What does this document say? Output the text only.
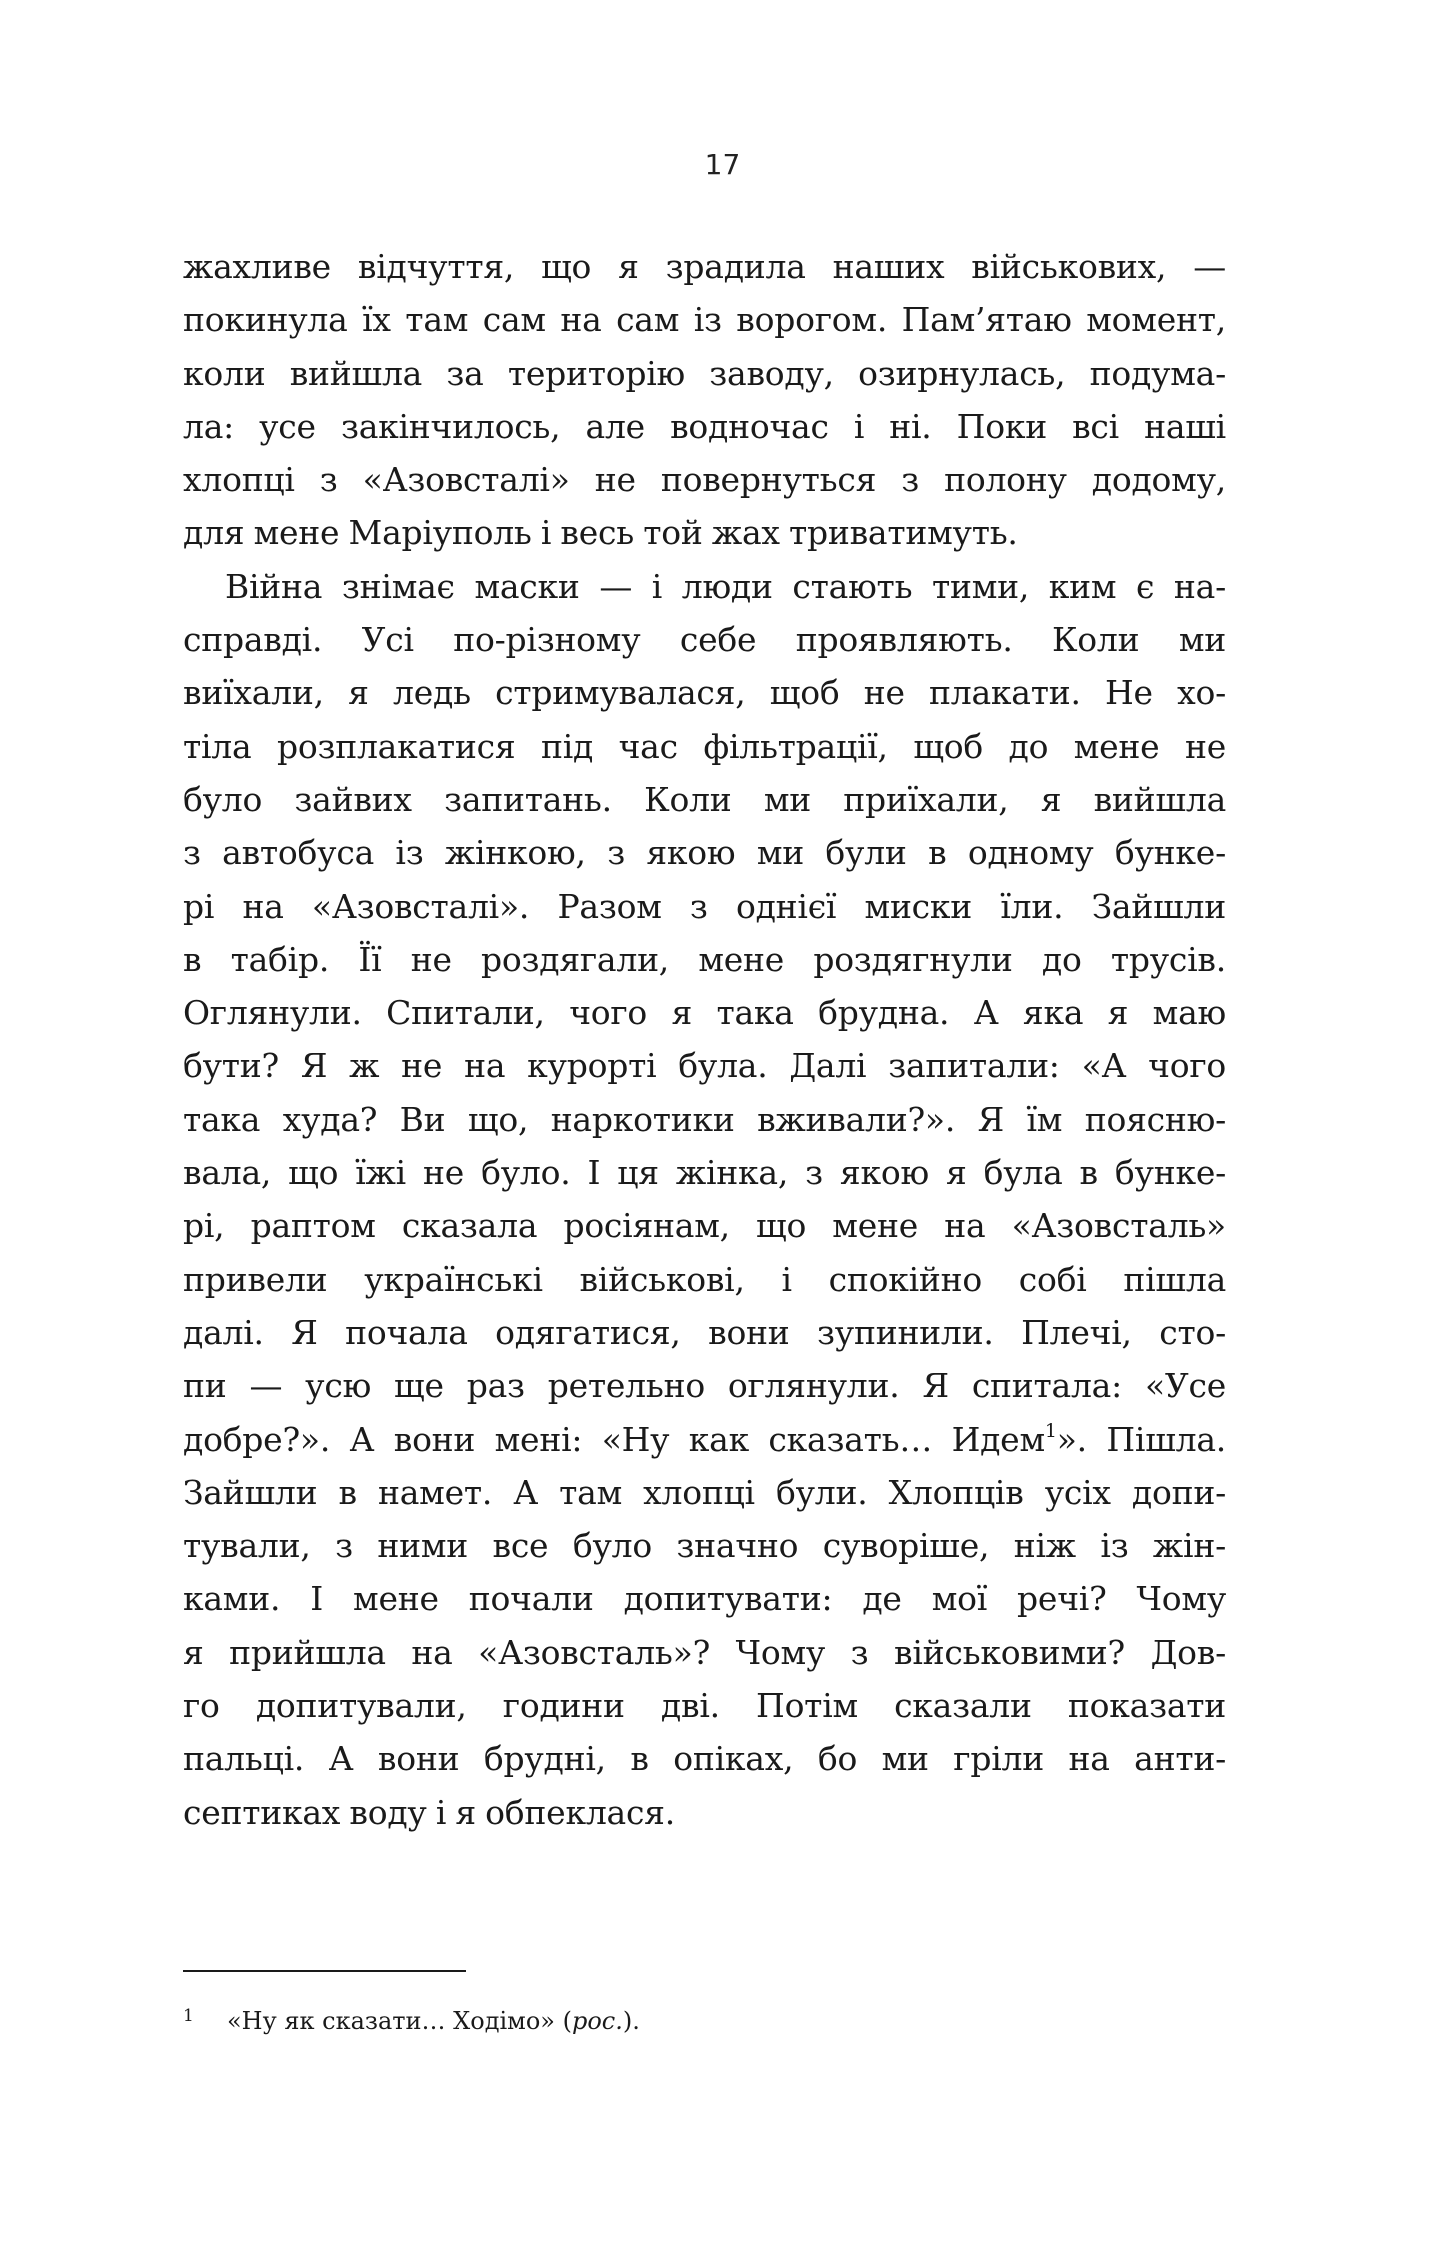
17
жахливе відчуття, що я зрадила наших військових, —
покинула їх там сам на сам із ворогом. Пам’ятаю момент,
коли вийшла за територію заводу, озирнулась, подума-
ла: усе закінчилось, але водночас і ні. Поки всі наші
хлопці з «Азовсталі» не повернуться з полону додому,
для мене Маріуполь і весь той жах триватимуть.
Війна знімає маски — і люди стають тими, ким є на-
справді. Усі по-різному себе проявляють. Коли ми
виїхали, я ледь стримувалася, щоб не плакати. Не хо-
тіла розплакатися під час фільтрації, щоб до мене не
було зайвих запитань. Коли ми приїхали, я вийшла
з автобуса із жінкою, з якою ми були в одному бунке-
рі на «Азовсталі». Разом з однієї миски їли. Зайшли
в табір. Її не роздягали, мене роздягнули до трусів.
Оглянули. Спитали, чого я така брудна. А яка я маю
бути? Я ж не на курорті була. Далі запитали: «А чого
така худа? Ви що, наркотики вживали?». Я їм поясню-
вала, що їжі не було. І ця жінка, з якою я була в бунке-
рі, раптом сказала росіянам, що мене на «Азовсталь»
привели українські військові, і спокійно собі пішла
далі. Я почала одягатися, вони зупинили. Плечі, сто-
пи — усю ще раз ретельно оглянули. Я спитала: «Усе
добре?». А вони мені: «Ну как сказать… Идем$^1$». Пішла.
Зайшли в намет. А там хлопці були. Хлопців усіх допи-
тували, з ними все було значно суворіше, ніж із жін-
ками. І мене почали допитувати: де мої речі? Чому
я прийшла на «Азовсталь»? Чому з військовими? Дов-
го допитували, години дві. Потім сказали показати
пальці. А вони брудні, в опіках, бо ми гріли на анти-
септиках воду і я обпеклася.
1 «Ну як сказати… Ходімо» (рос.).
